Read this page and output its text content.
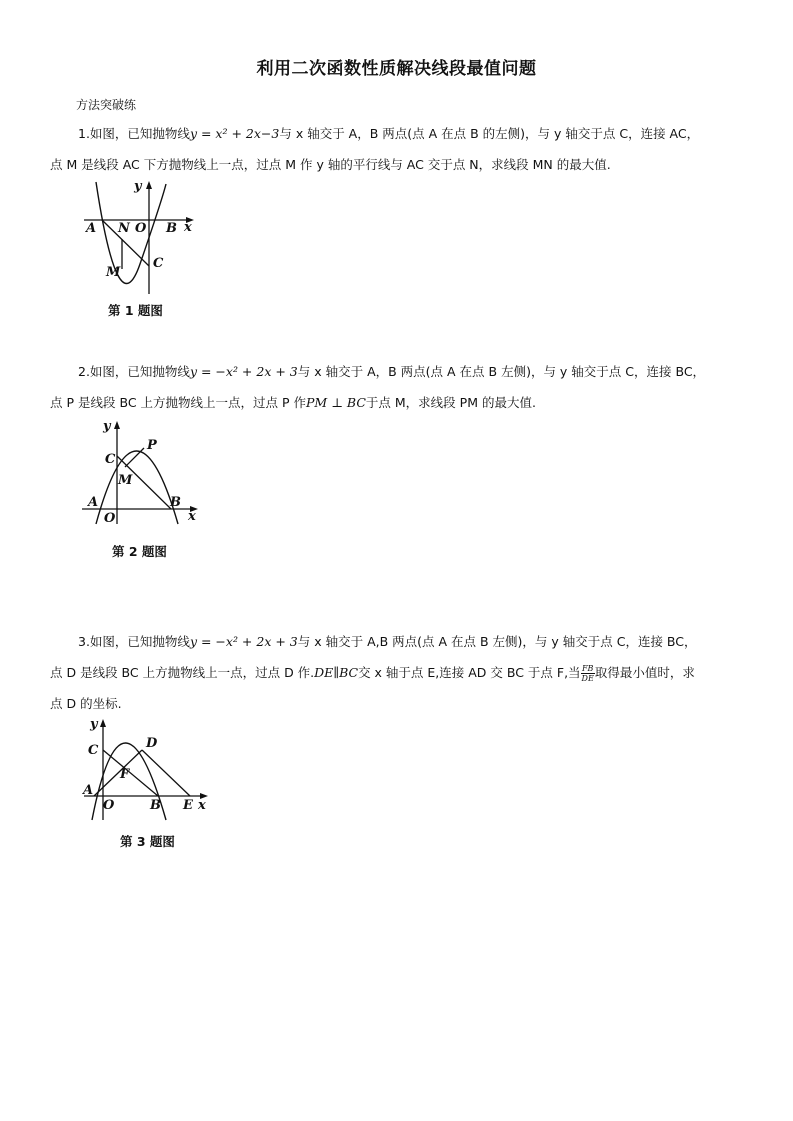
利用二次函数性质解决线段最值问题
方法突破练
1.如图，已知抛物线y = x² + 2x−3与 x 轴交于 A，B 两点(点 A 在点 B 的左侧)，与 y 轴交于点 C，连接 AC，
点 M 是线段 AC 下方抛物线上一点，过点 M 作 y 轴的平行线与 AC 交于点 N，求线段 MN 的最大值.
A N O B x
y
M
C
第 1 题图
2.如图，已知抛物线y = −x² + 2x + 3与 x 轴交于 A，B 两点(点 A 在点 B 左侧)，与 y 轴交于点 C，连接 BC，
点 P 是线段 BC 上方抛物线上一点，过点 P 作PM ⊥ BC于点 M，求线段 PM 的最大值.
C
P
M
A
O
B
x
y
第 2 题图
3.如图，已知抛物线y = −x² + 2x + 3与 x 轴交于 A,B 两点(点 A 在点 B 左侧)，与 y 轴交于点 C，连接 BC，
点 D 是线段 BC 上方抛物线上一点，过点 D 作.DE∥BC交 x 轴于点 E,连接 AD 交 BC 于点 F,当 $\frac{FB}{DE}$ 取得最小值时，求
点 D 的坐标.
C
y
D
F
A
O	B E x
第 3 题图
